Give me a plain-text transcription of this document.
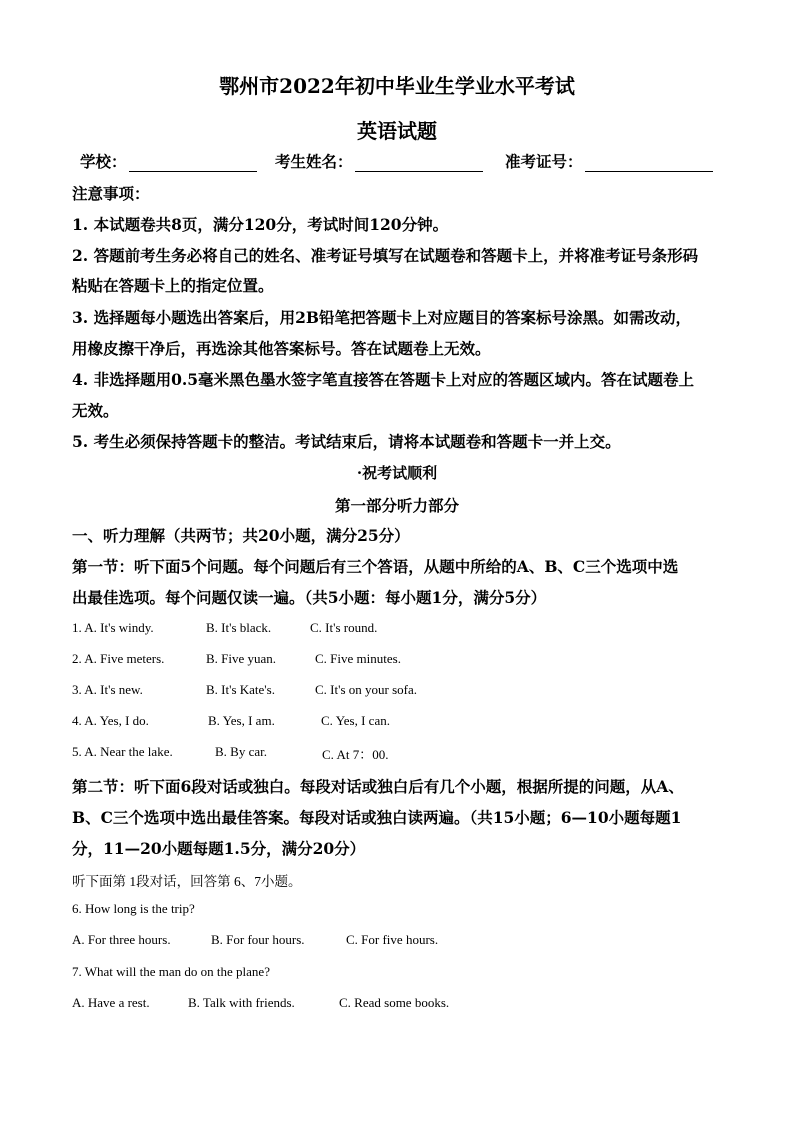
鄂州市2022年初中毕业生学业水平考试
英语试题
学校：	考生姓名：	准考证号：
注意事项：
1. 本试题卷共8页，满分120分，考试时间120分钟。
2. 答题前考生务必将自己的姓名、准考证号填写在试题卷和答题卡上，并将准考证号条形码
粘贴在答题卡上的指定位置。
3. 选择题每小题选出答案后，用2B铅笔把答题卡上对应题目的答案标号涂黑。如需改动，
用橡皮擦干净后，再选涂其他答案标号。答在试题卷上无效。
4. 非选择题用0.5毫米黑色墨水签字笔直接答在答题卡上对应的答题区域内。答在试题卷上
无效。
5. 考生必须保持答题卡的整洁。考试结束后，请将本试题卷和答题卡一并上交。
·祝考试顺利
第一部分听力部分
一、听力理解（共两节；共20小题，满分25分）
第一节：听下面5个问题。每个问题后有三个答语，从题中所给的A、B、C三个选项中选
出最佳选项。每个问题仅读一遍。（共5小题：每小题1分，满分5分）
1. A. It's windy.	B. It's black.	C. It's round.
2. A. Five meters.	B. Five yuan.	C. Five minutes.
3. A. It's new.	B. It's Kate's.	C. It's on your sofa.
4. A. Yes, I do.	B. Yes, I am.	C. Yes, I can.
5. A. Near the lake.	B. By car.	C. At 7：00.
第二节：听下面6段对话或独白。每段对话或独白后有几个小题，根据所提的问题，从A、
B、C三个选项中选出最佳答案。每段对话或独白读两遍。（共15小题；6—10小题每题1
分，11—20小题每题1.5分，满分20分）
听下面第 1段对话，回答第 6、7小题。
6. How long is the trip?
A. For three hours.	B. For four hours.	C. For five hours.
7. What will the man do on the plane?
A. Have a rest.	B. Talk with friends.	C. Read some books.
